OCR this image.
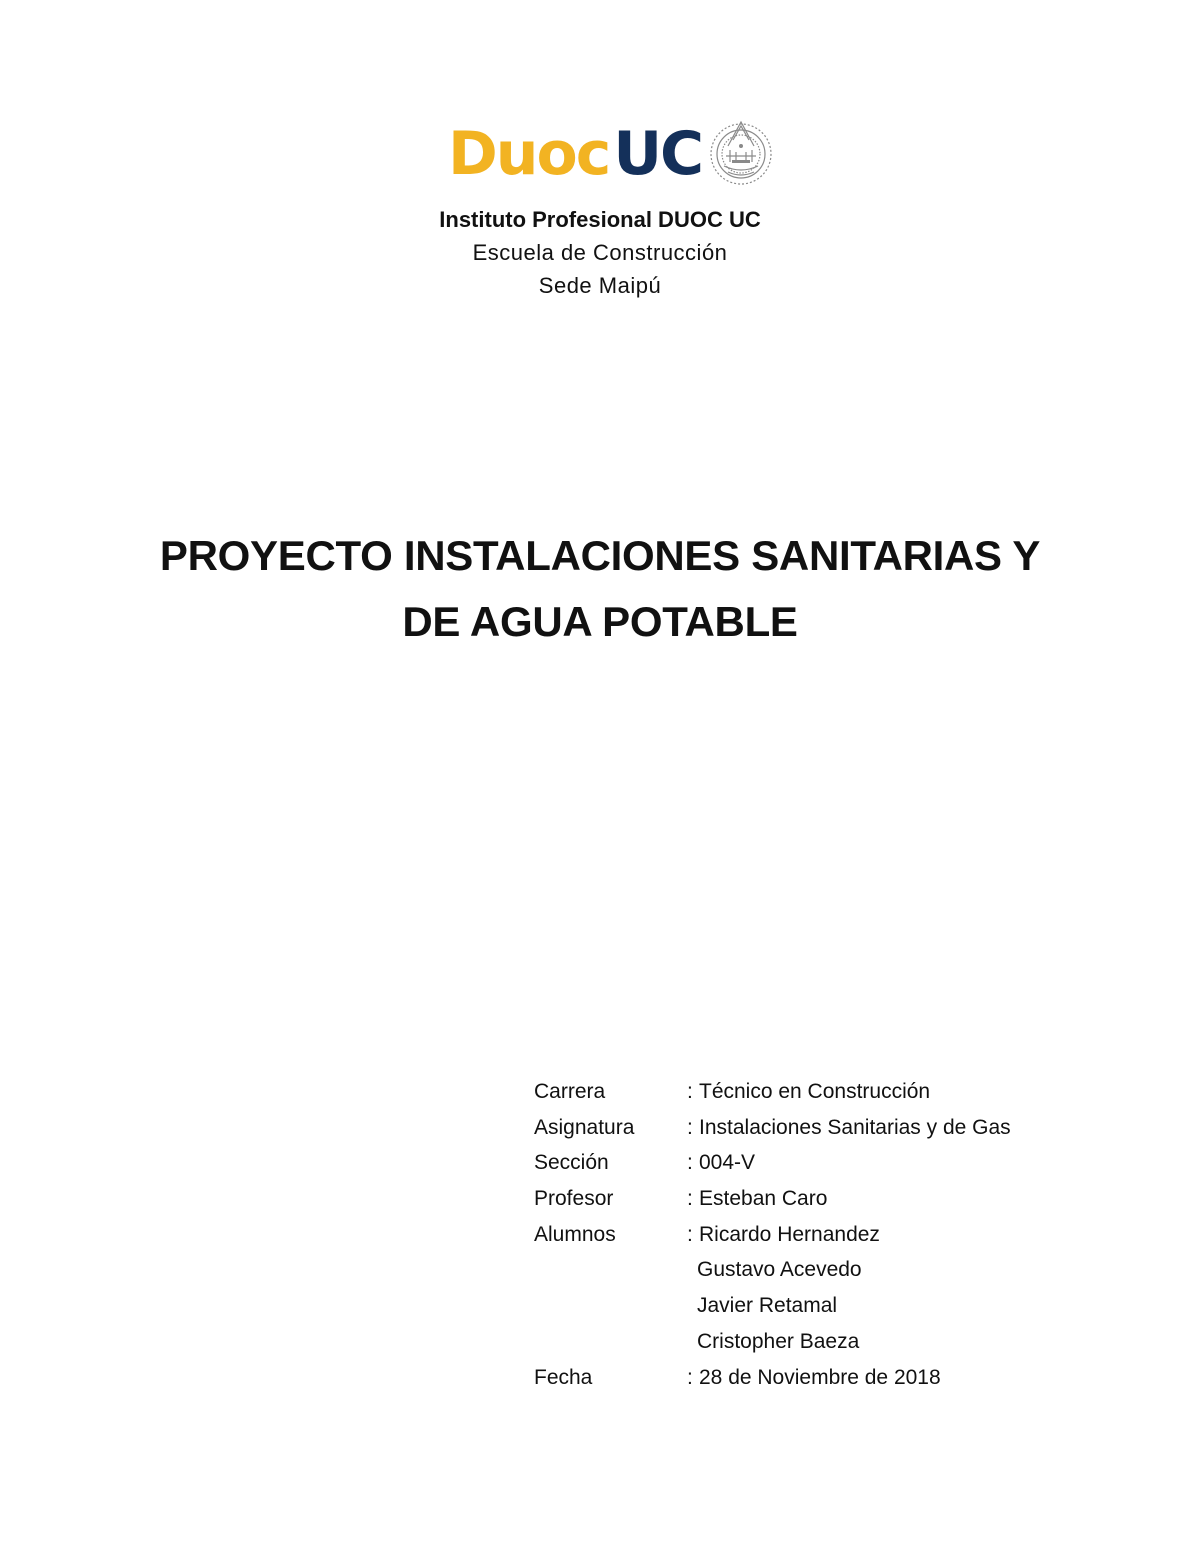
DuocUC
Instituto Profesional DUOC UC
Escuela de Construcción
Sede Maipú
PROYECTO INSTALACIONES SANITARIAS Y
DE AGUA POTABLE
Carrera	: Técnico en Construcción
Asignatura	: Instalaciones Sanitarias y de Gas
Sección	: 004-V
Profesor	: Esteban Caro
Alumnos	: Ricardo Hernandez
Gustavo Acevedo
Javier Retamal
Cristopher Baeza
Fecha	: 28 de Noviembre de 2018
